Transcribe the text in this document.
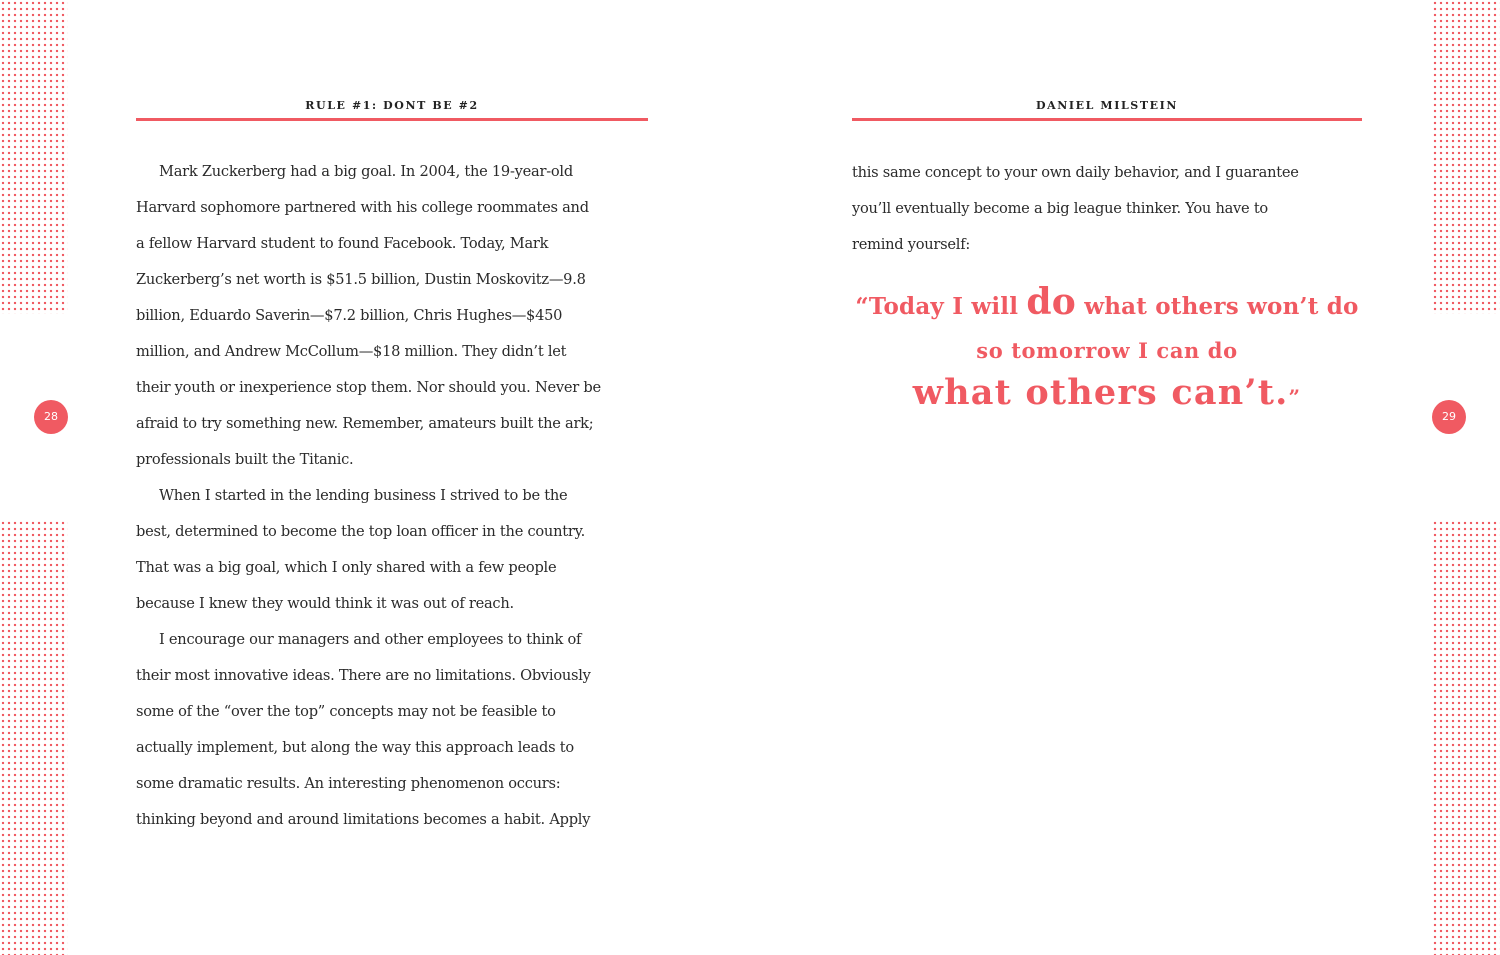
28	29
RULE #1: DONT BE #2	DANIEL MILSTEIN

Mark Zuckerberg had a big goal. In 2004, the 19-year-old

Harvard sophomore partnered with his college roommates and

a fellow Harvard student to found Facebook. Today, Mark

Zuckerberg’s net worth is $51.5 billion, Dustin Moskovitz—9.8

billion, Eduardo Saverin—$7.2 billion, Chris Hughes—$450

million, and Andrew McCollum—$18 million. They didn’t let

their youth or inexperience stop them. Nor should you. Never be

afraid to try something new. Remember, amateurs built the ark;

professionals built the Titanic.

When I started in the lending business I strived to be the

best, determined to become the top loan officer in the country.

That was a big goal, which I only shared with a few people

because I knew they would think it was out of reach.

I encourage our managers and other employees to think of

their most innovative ideas. There are no limitations. Obviously

some of the “over the top” concepts may not be feasible to

actually implement, but along the way this approach leads to

some dramatic results. An interesting phenomenon occurs:

thinking beyond and around limitations becomes a habit. Apply

this same concept to your own daily behavior, and I guarantee

you’ll eventually become a big league thinker. You have to

remind yourself:

“Today I will do what others won’t do
so tomorrow I can do
what others can’t.”
